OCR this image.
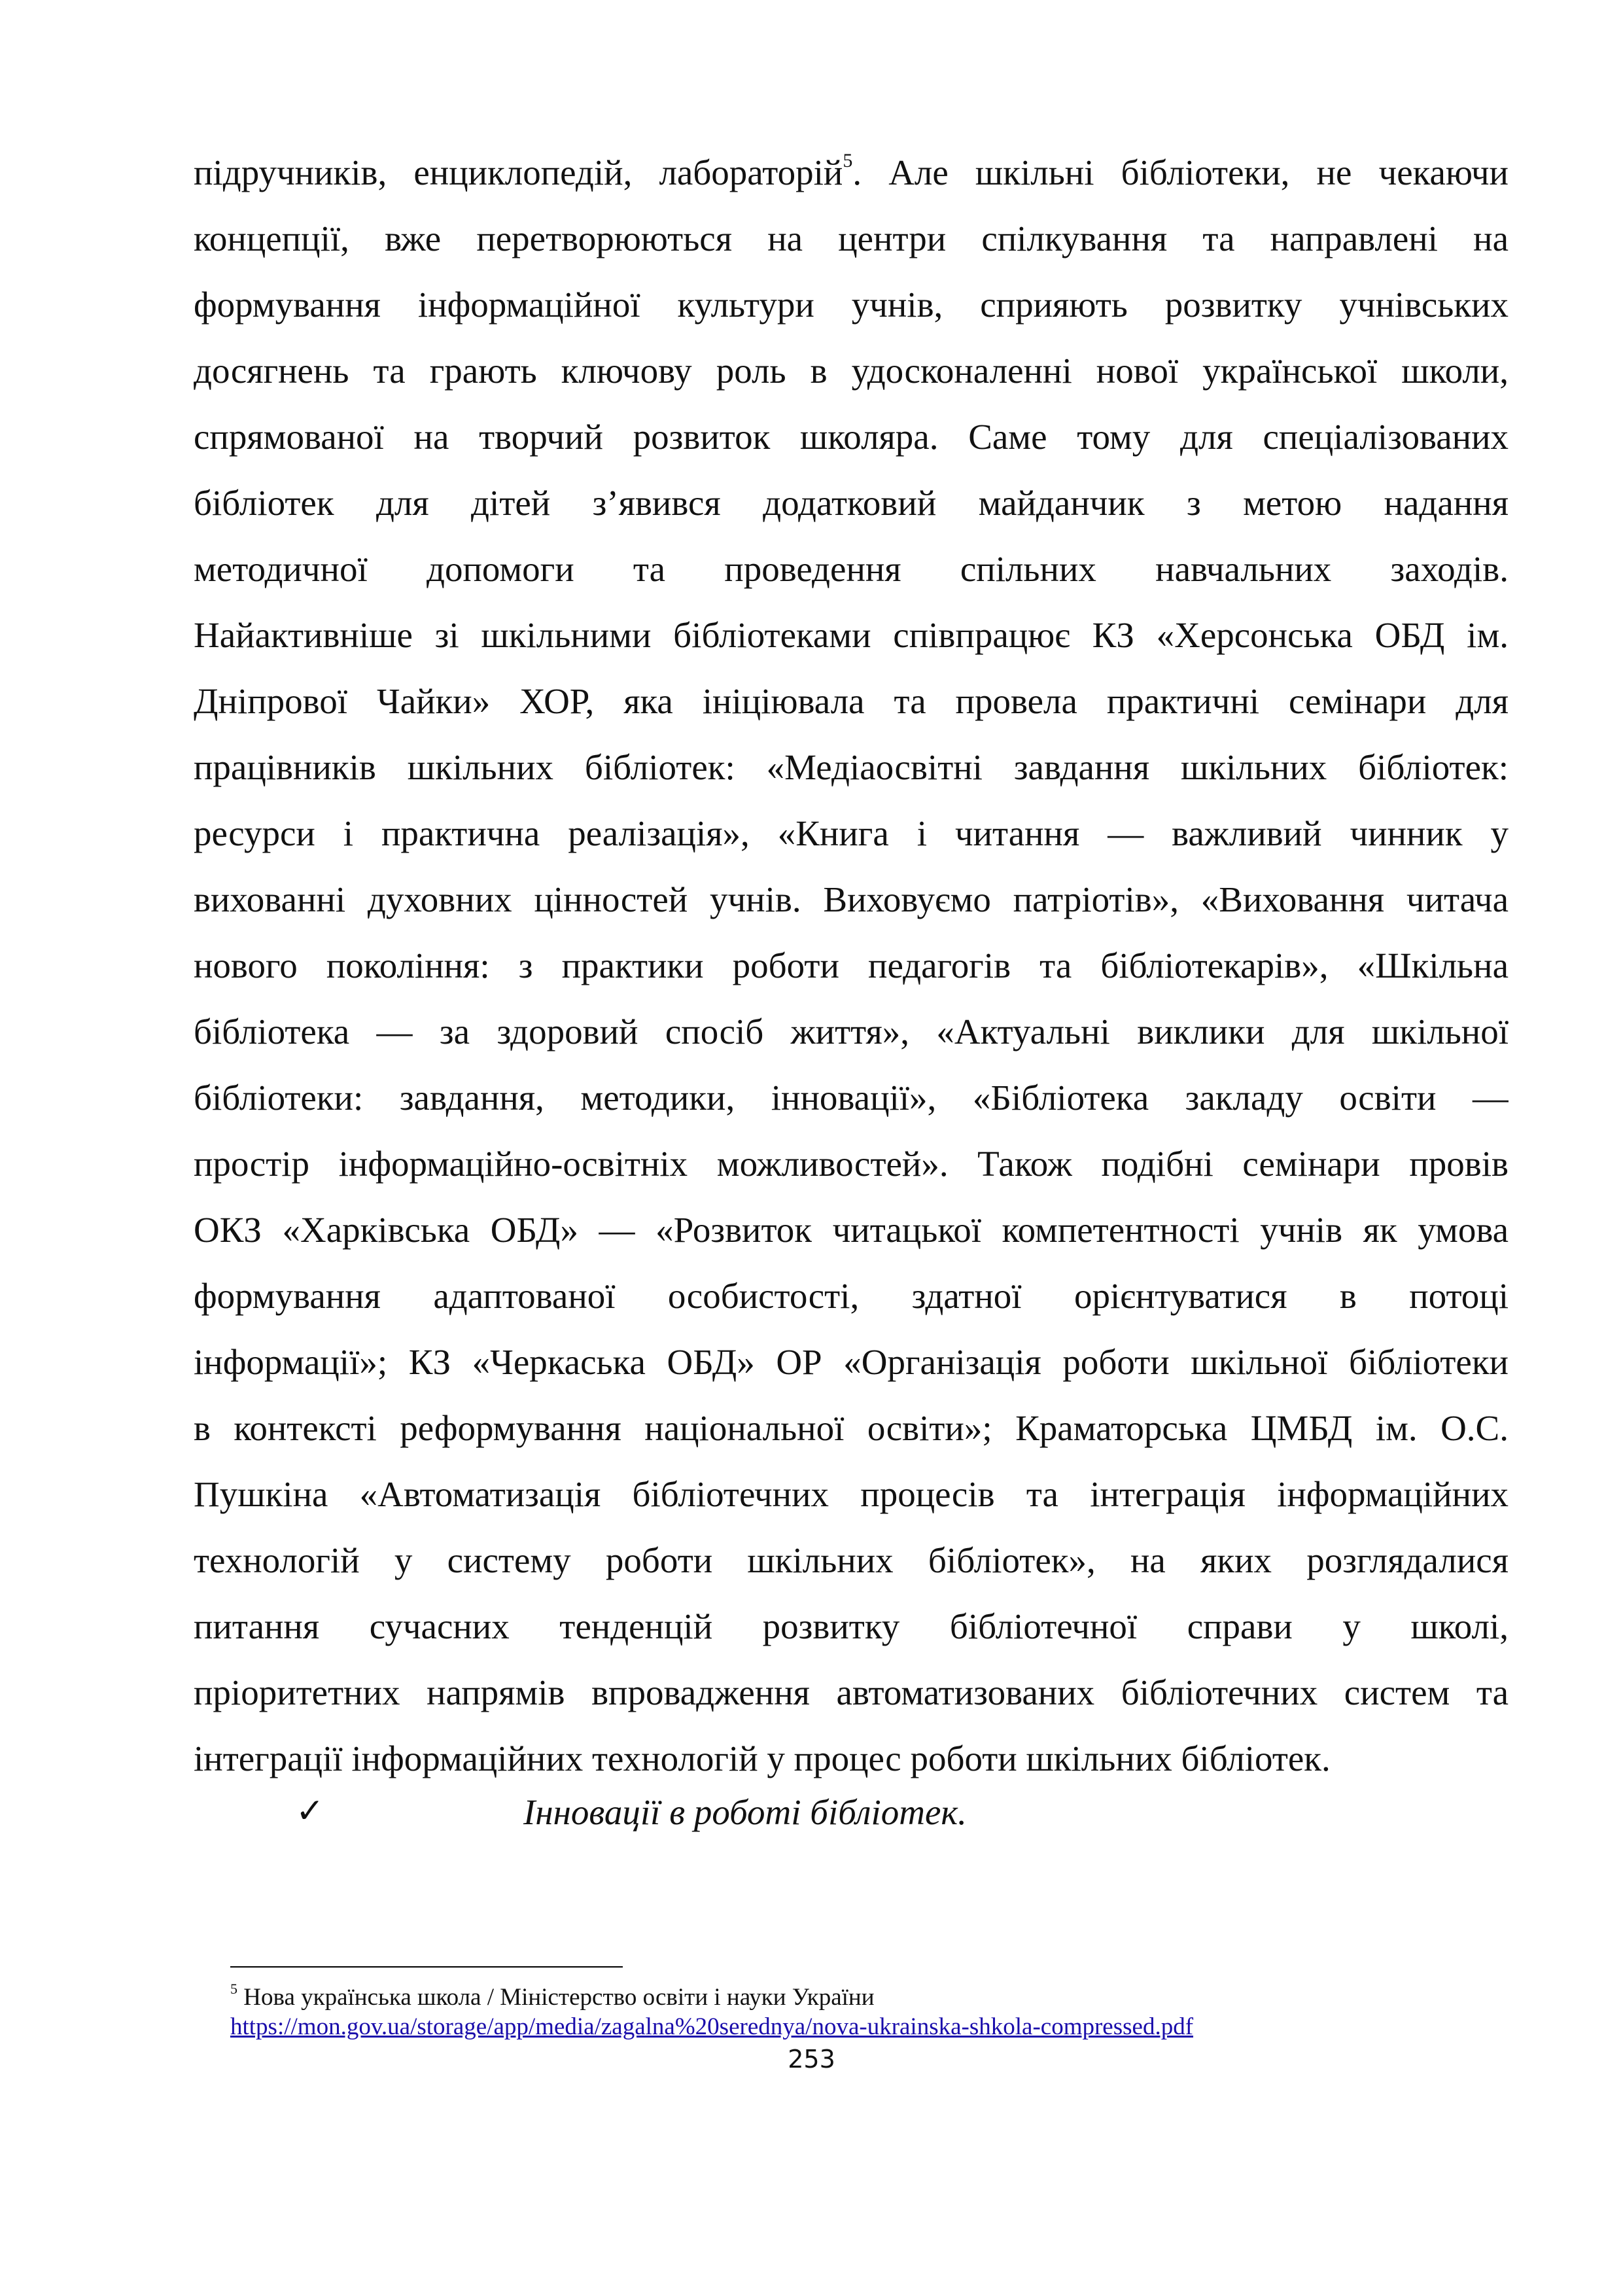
підручників, енциклопедій, лабораторій$^5$. Але шкільні бібліотеки, не чекаючи
концепції, вже перетворюються на центри спілкування та направлені на
формування інформаційної культури учнів, сприяють розвитку учнівських
досягнень та грають ключову роль в удосконаленні нової української школи,
спрямованої на творчий розвиток школяра. Саме тому для спеціалізованих
бібліотек для дітей з’явився додатковий майданчик з метою надання
методичної допомоги та проведення спільних навчальних заходів.
Найактивніше зі шкільними бібліотеками співпрацює КЗ «Херсонська ОБД ім.
Дніпрової Чайки» ХОР, яка ініціювала та провела практичні семінари для
працівників шкільних бібліотек: «Медіаосвітні завдання шкільних бібліотек:
ресурси і практична реалізація», «Книга і читання — важливий чинник у
вихованні духовних цінностей учнів. Виховуємо патріотів», «Виховання читача
нового покоління: з практики роботи педагогів та бібліотекарів», «Шкільна
бібліотека — за здоровий спосіб життя», «Актуальні виклики для шкільної
бібліотеки: завдання, методики, інновації», «Бібліотека закладу освіти —
простір інформаційно-освітніх можливостей». Також подібні семінари провів
ОКЗ «Харківська ОБД» — «Розвиток читацької компетентності учнів як умова
формування адаптованої особистості, здатної орієнтуватися в потоці
інформації»; КЗ «Черкаська ОБД» ОР «Організація роботи шкільної бібліотеки
в контексті реформування національної освіти»; Краматорська ЦМБД ім. О.С.
Пушкіна «Автоматизація бібліотечних процесів та інтеграція інформаційних
технологій у систему роботи шкільних бібліотек», на яких розглядалися
питання сучасних тенденцій розвитку бібліотечної справи у школі,
пріоритетних напрямів впровадження автоматизованих бібліотечних систем та
інтеграції інформаційних технологій у процес роботи шкільних бібліотек.
✓	Інновації в роботі бібліотек.
$^5$ Нова українська школа / Міністерство освіти і науки України
https://mon.gov.ua/storage/app/media/zagalna%20serednya/nova-ukrainska-shkola-compressed.pdf
253
